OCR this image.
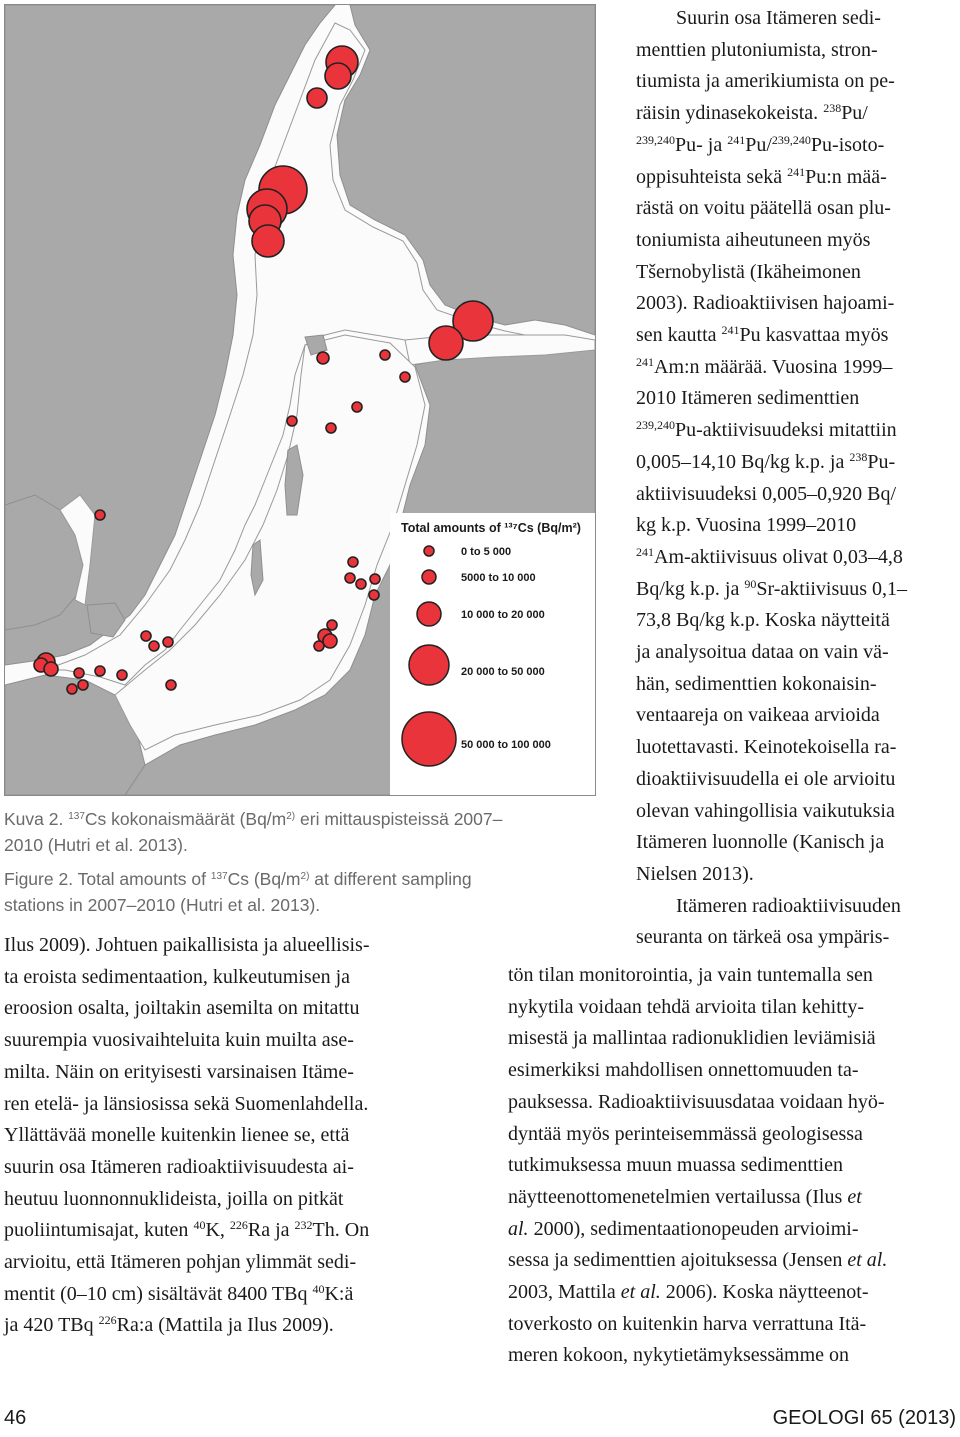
Total amounts of ¹³⁷Cs (Bq/m²)
0 to 5 000
5000 to 10 000
10 000 to 20 000
20 000 to 50 000
50 000 to 100 000
Kuva 2. $^{137}$Cs kokonaismäärät ($Bq/m^{2)}$ eri mittauspisteissä 2007–
2010 (Hutri et al. 2013).
Figure 2. Total amounts of $^{137}$Cs ($Bq/m^{2)}$ at different sampling
stations in 2007–2010 (Hutri et al. 2013).

Suurin osa Itämeren sedi-
menttien plutoniumista, stron-
tiumista ja amerikiumista on pe-
räisin ydinasekokeista. $^{238}$Pu/
$^{239,240}$Pu- ja $^{241}$Pu/$^{239,240}$Pu-isoto-
oppisuhteista sekä $^{241}$Pu:n mää-
rästä on voitu päätellä osan plu-
toniumista aiheutuneen myös
Tšernobylistä (Ikäheimonen
2003). Radioaktiivisen hajoami-
sen kautta $^{241}$Pu kasvattaa myös
$^{241}$Am:n määrää. Vuosina 1999–
2010 Itämeren sedimenttien
$^{239,240}$Pu-aktiivisuudeksi mitattiin
0,005–14,10 Bq/kg k.p. ja $^{238}$Pu-
aktiivisuudeksi 0,005–0,920 Bq/
kg k.p. Vuosina 1999–2010
$^{241}$Am-aktiivisuus olivat 0,03–4,8
Bq/kg k.p. ja $^{90}$Sr-aktiivisuus 0,1–
73,8 Bq/kg k.p. Koska näytteitä
ja analysoitua dataa on vain vä-
hän, sedimenttien kokonaisin-
ventaareja on vaikeaa arvioida
luotettavasti. Keinotekoisella ra-
dioaktiivisuudella ei ole arvioitu
olevan vahingollisia vaikutuksia
Itämeren luonnolle (Kanisch ja
Nielsen 2013).

Itämeren radioaktiivisuuden
seuranta on tärkeä osa ympäris-

Ilus 2009). Johtuen paikallisista ja alueellisis-
ta eroista sedimentaation, kulkeutumisen ja
eroosion osalta, joiltakin asemilta on mitattu
suurempia vuosivaihteluita kuin muilta ase-
milta. Näin on erityisesti varsinaisen Itäme-
ren etelä- ja länsiosissa sekä Suomenlahdella.
Yllättävää monelle kuitenkin lienee se, että
suurin osa Itämeren radioaktiivisuudesta ai-
heutuu luonnonnuklideista, joilla on pitkät
puoliintumisajat, kuten $^{40}$K, $^{226}$Ra ja $^{232}$Th. On
arvioitu, että Itämeren pohjan ylimmät sedi-
mentit (0–10 cm) sisältävät 8400 TBq $^{40}$K:ä
ja 420 TBq $^{226}$Ra:a (Mattila ja Ilus 2009).

tön tilan monitorointia, ja vain tuntemalla sen
nykytila voidaan tehdä arvioita tilan kehitty-
misestä ja mallintaa radionuklidien leviämisiä
esimerkiksi mahdollisen onnettomuuden ta-
pauksessa. Radioaktiivisuusdataa voidaan hyö-
dyntää myös perinteisemmässä geologisessa
tutkimuksessa muun muassa sedimenttien
näytteenottomenetelmien vertailussa (Ilus et
al. 2000), sedimentaationopeuden arvioimi-
sessa ja sedimenttien ajoituksessa (Jensen et al.
2003, Mattila et al. 2006). Koska näytteenot-
toverkosto on kuitenkin harva verrattuna Itä-
meren kokoon, nykytietämyksessämme on

46	GEOLOGI 65 (2013)
